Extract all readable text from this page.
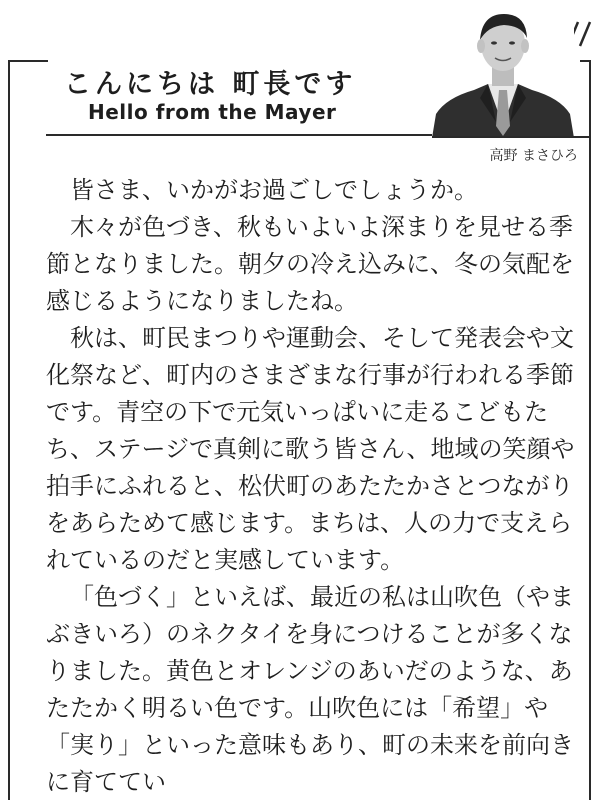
こんにちは 町長です
Hello from the Mayer
高野 まさひろ

皆さま、いかがお過ごしでしょうか。

木々が色づき、秋もいよいよ深まりを見せる季節となりました。朝夕の冷え込みに、冬の気配を感じるようになりましたね。

秋は、町民まつりや運動会、そして発表会や文化祭など、町内のさまざまな行事が行われる季節です。青空の下で元気いっぱいに走るこどもたち、ステージで真剣に歌う皆さん、地域の笑顔や拍手にふれると、松伏町のあたたかさとつながりをあらためて感じます。まちは、人の力で支えられているのだと実感しています。

「色づく」といえば、最近の私は山吹色（やまぶきいろ）のネクタイを身につけることが多くなりました。黄色とオレンジのあいだのような、あたたかく明るい色です。山吹色には「希望」や「実り」といった意味もあり、町の未来を前向きに育ててい
